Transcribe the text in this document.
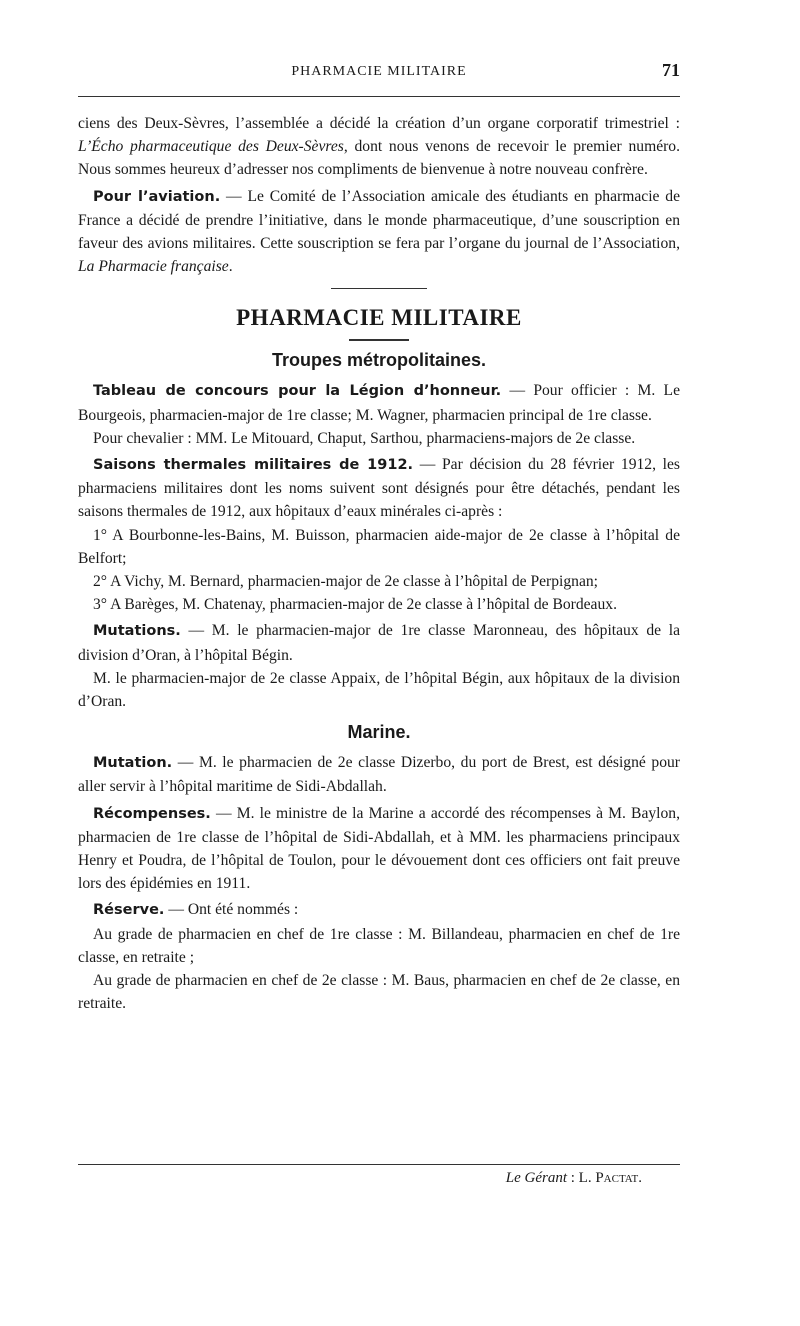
PHARMACIE MILITAIRE	71

ciens des Deux-Sèvres, l’assemblée a décidé la création d’un organe corporatif trimestriel : L’Écho pharmaceutique des Deux-Sèvres, dont nous venons de recevoir le premier numéro. Nous sommes heureux d’adresser nos compliments de bienvenue à notre nouveau confrère.

Pour l’aviation. — Le Comité de l’Association amicale des étudiants en pharmacie de France a décidé de prendre l’initiative, dans le monde pharmaceutique, d’une souscription en faveur des avions militaires. Cette souscription se fera par l’organe du journal de l’Association, La Pharmacie française.

PHARMACIE MILITAIRE
Troupes métropolitaines.

Tableau de concours pour la Légion d’honneur. — Pour officier : M. Le Bourgeois, pharmacien-major de 1re classe; M. Wagner, pharmacien principal de 1re classe.

Pour chevalier : MM. Le Mitouard, Chaput, Sarthou, pharmaciens-majors de 2e classe.

Saisons thermales militaires de 1912. — Par décision du 28 février 1912, les pharmaciens militaires dont les noms suivent sont désignés pour être détachés, pendant les saisons thermales de 1912, aux hôpitaux d’eaux minérales ci-après :

1° A Bourbonne-les-Bains, M. Buisson, pharmacien aide-major de 2e classe à l’hôpital de Belfort;

2° A Vichy, M. Bernard, pharmacien-major de 2e classe à l’hôpital de Perpignan;

3° A Barèges, M. Chatenay, pharmacien-major de 2e classe à l’hôpital de Bordeaux.

Mutations. — M. le pharmacien-major de 1re classe Maronneau, des hôpitaux de la division d’Oran, à l’hôpital Bégin.

M. le pharmacien-major de 2e classe Appaix, de l’hôpital Bégin, aux hôpitaux de la division d’Oran.

Marine.

Mutation. — M. le pharmacien de 2e classe Dizerbo, du port de Brest, est désigné pour aller servir à l’hôpital maritime de Sidi-Abdallah.

Récompenses. — M. le ministre de la Marine a accordé des récompenses à M. Baylon, pharmacien de 1re classe de l’hôpital de Sidi-Abdallah, et à MM. les pharmaciens principaux Henry et Poudra, de l’hôpital de Toulon, pour le dévouement dont ces officiers ont fait preuve lors des épidémies en 1911.

Réserve. — Ont été nommés :

Au grade de pharmacien en chef de 1re classe : M. Billandeau, pharmacien en chef de 1re classe, en retraite ;

Au grade de pharmacien en chef de 2e classe : M. Baus, pharmacien en chef de 2e classe, en retraite.

Le Gérant : L. Pactat.
